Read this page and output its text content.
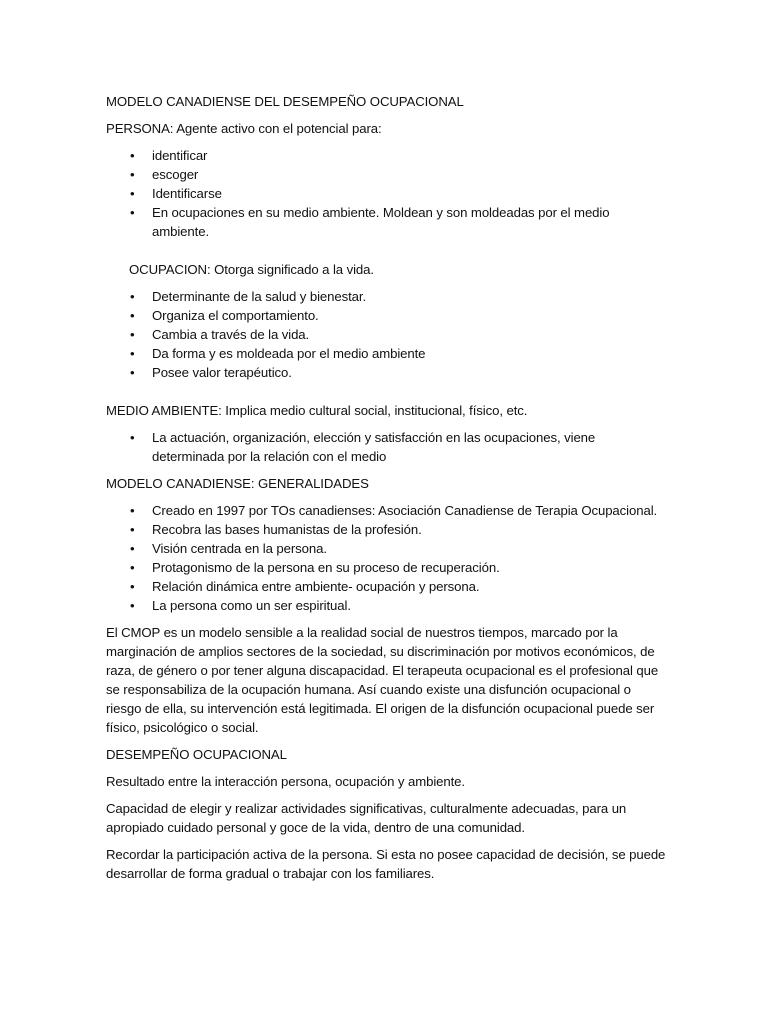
MODELO CANADIENSE DEL DESEMPEÑO OCUPACIONAL

PERSONA: Agente activo con el potencial para:

• identificar
• escoger
• Identificarse
• En ocupaciones en su medio ambiente. Moldean y son moldeadas por el medio ambiente.

OCUPACION: Otorga significado a la vida.

• Determinante de la salud y bienestar.
• Organiza el comportamiento.
• Cambia a través de la vida.
• Da forma y es moldeada por el medio ambiente
• Posee valor terapéutico.

MEDIO AMBIENTE: Implica medio cultural social, institucional, físico, etc.

• La actuación, organización, elección y satisfacción en las ocupaciones, viene determinada por la relación con el medio

MODELO CANADIENSE: GENERALIDADES

• Creado en 1997 por TOs canadienses: Asociación Canadiense de Terapia Ocupacional.
• Recobra las bases humanistas de la profesión.
• Visión centrada en la persona.
• Protagonismo de la persona en su proceso de recuperación.
• Relación dinámica entre ambiente- ocupación y persona.
• La persona como un ser espiritual.

El CMOP es un modelo sensible a la realidad social de nuestros tiempos, marcado por la marginación de amplios sectores de la sociedad, su discriminación por motivos económicos, de raza, de género o por tener alguna discapacidad. El terapeuta ocupacional es el profesional que se responsabiliza de la ocupación humana. Así cuando existe una disfunción ocupacional o riesgo de ella, su intervención está legitimada. El origen de la disfunción ocupacional puede ser físico, psicológico o social.

DESEMPEÑO OCUPACIONAL

Resultado entre la interacción persona, ocupación y ambiente.

Capacidad de elegir y realizar actividades significativas, culturalmente adecuadas, para un apropiado cuidado personal y goce de la vida, dentro de una comunidad.

Recordar la participación activa de la persona. Si esta no posee capacidad de decisión, se puede desarrollar de forma gradual o trabajar con los familiares.
